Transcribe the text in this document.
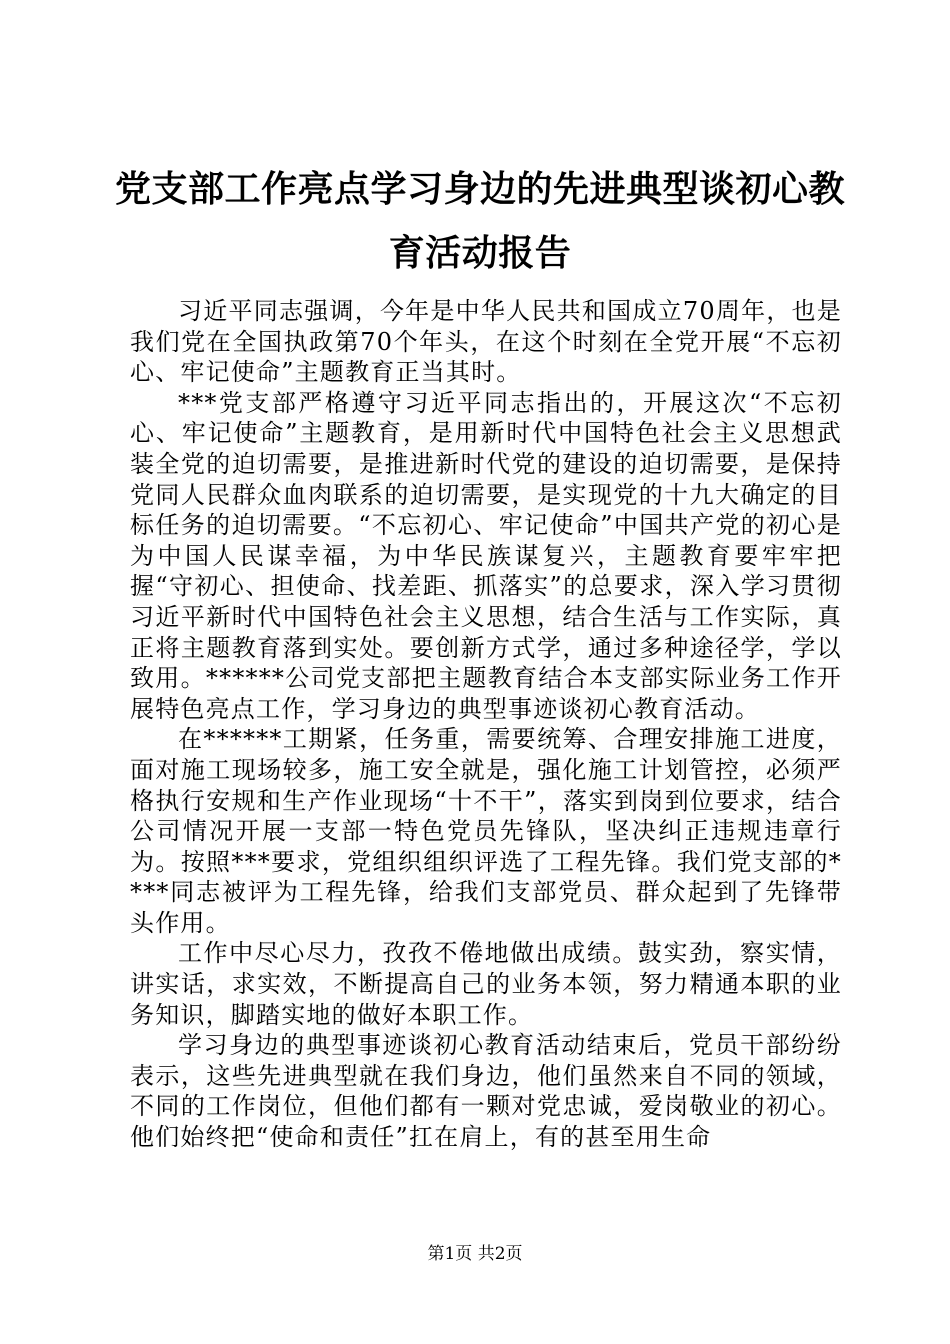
党支部工作亮点学习身边的先进典型谈初心教育活动报告

习近平同志强调，今年是中华人民共和国成立70周年，也是我们党在全国执政第70个年头，在这个时刻在全党开展“不忘初心、牢记使命”主题教育正当其时。

***党支部严格遵守习近平同志指出的，开展这次“不忘初心、牢记使命”主题教育，是用新时代中国特色社会主义思想武装全党的迫切需要，是推进新时代党的建设的迫切需要，是保持党同人民群众血肉联系的迫切需要，是实现党的十九大确定的目标任务的迫切需要。“不忘初心、牢记使命”中国共产党的初心是为中国人民谋幸福，为中华民族谋复兴，主题教育要牢牢把握“守初心、担使命、找差距、抓落实”的总要求，深入学习贯彻习近平新时代中国特色社会主义思想，结合生活与工作实际，真正将主题教育落到实处。要创新方式学，通过多种途径学，学以致用。******公司党支部把主题教育结合本支部实际业务工作开展特色亮点工作，学习身边的典型事迹谈初心教育活动。

在******工期紧，任务重，需要统筹、合理安排施工进度，面对施工现场较多，施工安全就是，强化施工计划管控，必须严格执行安规和生产作业现场“十不干”，落实到岗到位要求，结合公司情况开展一支部一特色党员先锋队，坚决纠正违规违章行为。按照***要求，党组织组织评选了工程先锋。我们党支部的****同志被评为工程先锋，给我们支部党员、群众起到了先锋带头作用。

工作中尽心尽力，孜孜不倦地做出成绩。鼓实劲，察实情，讲实话，求实效，不断提高自己的业务本领，努力精通本职的业务知识，脚踏实地的做好本职工作。

学习身边的典型事迹谈初心教育活动结束后，党员干部纷纷表示，这些先进典型就在我们身边，他们虽然来自不同的领域，不同的工作岗位，但他们都有一颗对党忠诚，爱岗敬业的初心。他们始终把“使命和责任”扛在肩上，有的甚至用生命

第1页 共2页
